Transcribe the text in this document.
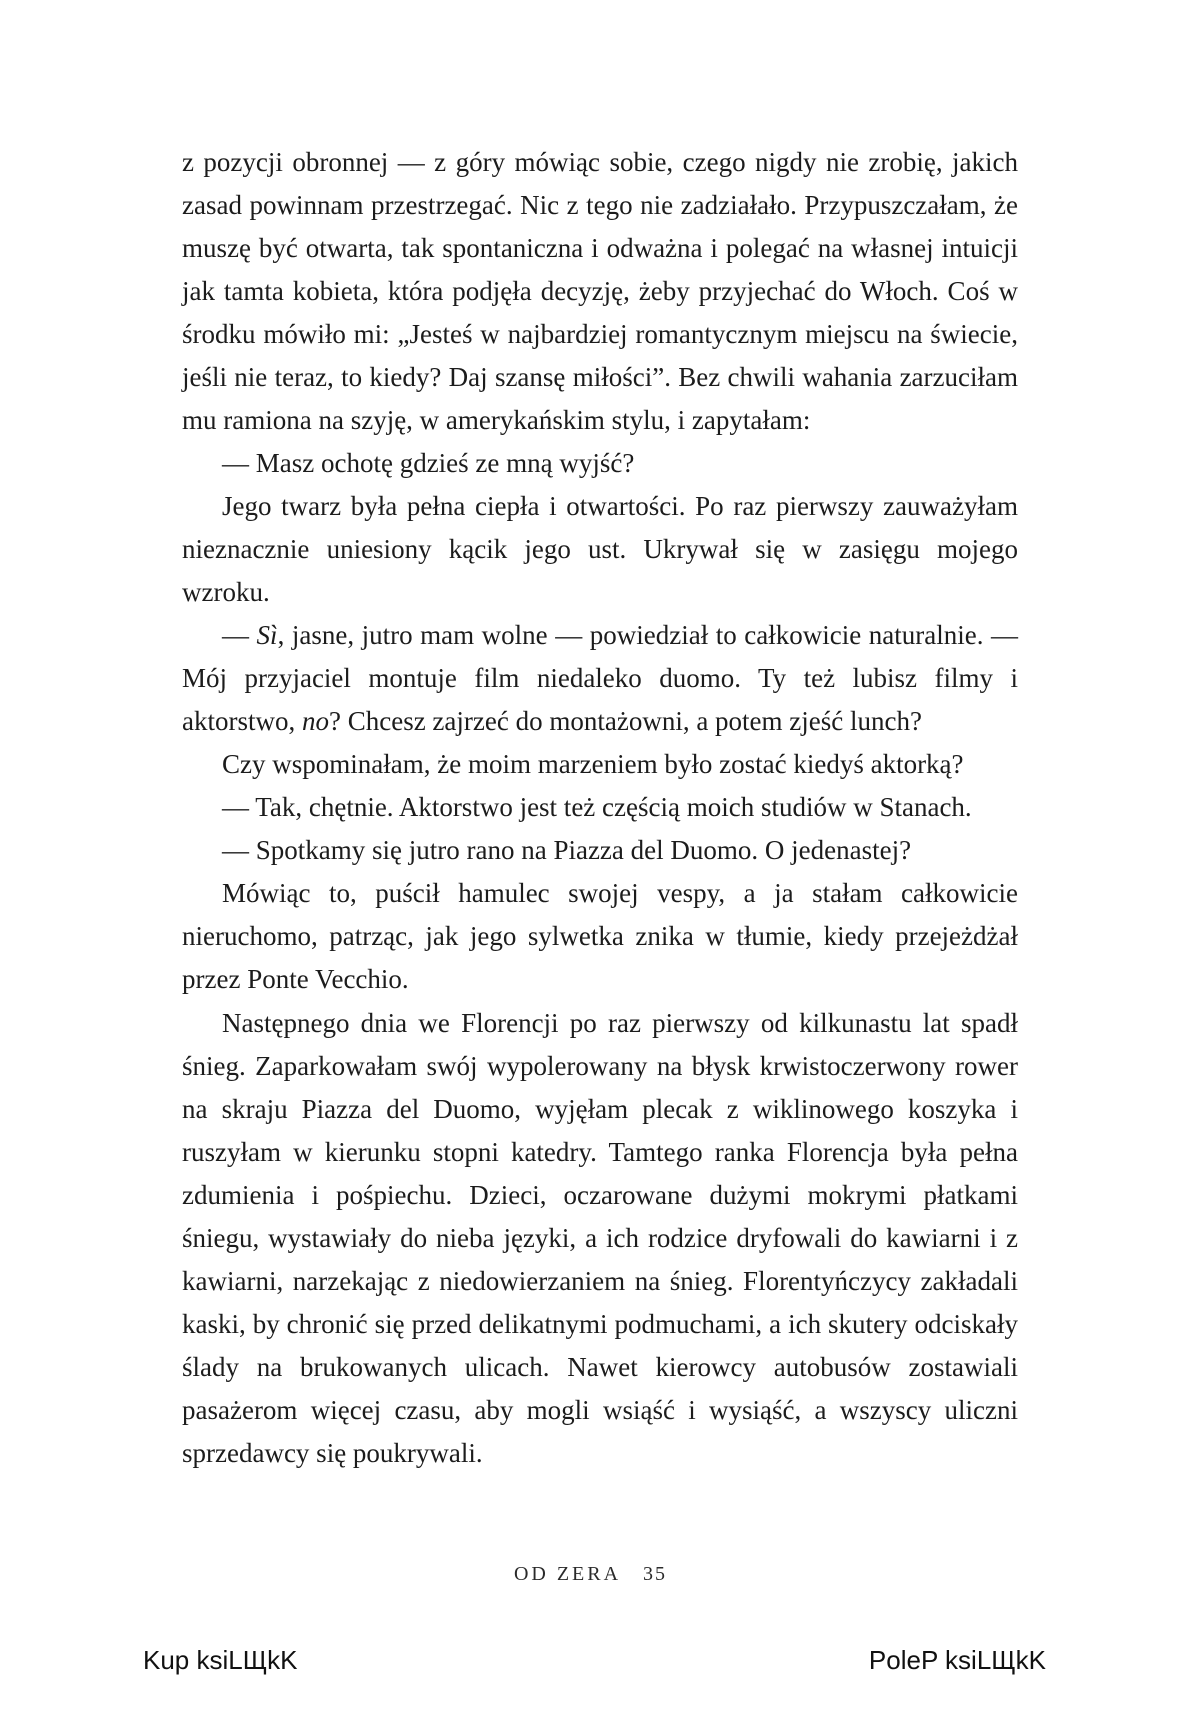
z pozycji obronnej — z góry mówiąc sobie, czego nigdy nie zrobię, jakich zasad powinnam przestrzegać. Nic z tego nie zadziałało. Przypuszczałam, że muszę być otwarta, tak spontaniczna i odważna i polegać na własnej intuicji jak tamta kobieta, która podjęła decyzję, żeby przyjechać do Włoch. Coś w środku mówiło mi: „Jesteś w najbardziej romantycznym miejscu na świecie, jeśli nie teraz, to kiedy? Daj szansę miłości”. Bez chwili wahania zarzuciłam mu ramiona na szyję, w amerykańskim stylu, i zapytałam:

— Masz ochotę gdzieś ze mną wyjść?

Jego twarz była pełna ciepła i otwartości. Po raz pierwszy zauważyłam nieznacznie uniesiony kącik jego ust. Ukrywał się w zasięgu mojego wzroku.

— Sì, jasne, jutro mam wolne — powiedział to całkowicie naturalnie. — Mój przyjaciel montuje film niedaleko duomo. Ty też lubisz filmy i aktorstwo, no? Chcesz zajrzeć do montażowni, a potem zjeść lunch?

Czy wspominałam, że moim marzeniem było zostać kiedyś aktorką?

— Tak, chętnie. Aktorstwo jest też częścią moich studiów w Stanach.

— Spotkamy się jutro rano na Piazza del Duomo. O jedenastej?

Mówiąc to, puścił hamulec swojej vespy, a ja stałam całkowicie nieruchomo, patrząc, jak jego sylwetka znika w tłumie, kiedy przejeżdżał przez Ponte Vecchio.

Następnego dnia we Florencji po raz pierwszy od kilkunastu lat spadł śnieg. Zaparkowałam swój wypolerowany na błysk krwistoczerwony rower na skraju Piazza del Duomo, wyjęłam plecak z wiklinowego koszyka i ruszyłam w kierunku stopni katedry. Tamtego ranka Florencja była pełna zdumienia i pośpiechu. Dzieci, oczarowane dużymi mokrymi płatkami śniegu, wystawiały do nieba języki, a ich rodzice dryfowali do kawiarni i z kawiarni, narzekając z niedowierzaniem na śnieg. Florentyńczycy zakładali kaski, by chronić się przed delikatnymi podmuchami, a ich skutery odciskały ślady na brukowanych ulicach. Nawet kierowcy autobusów zostawiali pasażerom więcej czasu, aby mogli wsiąść i wysiąść, a wszyscy uliczni sprzedawcy się poukrywali.

OD ZERA 35
Kup ksiLЩkK	PoleP ksiLЩkK
